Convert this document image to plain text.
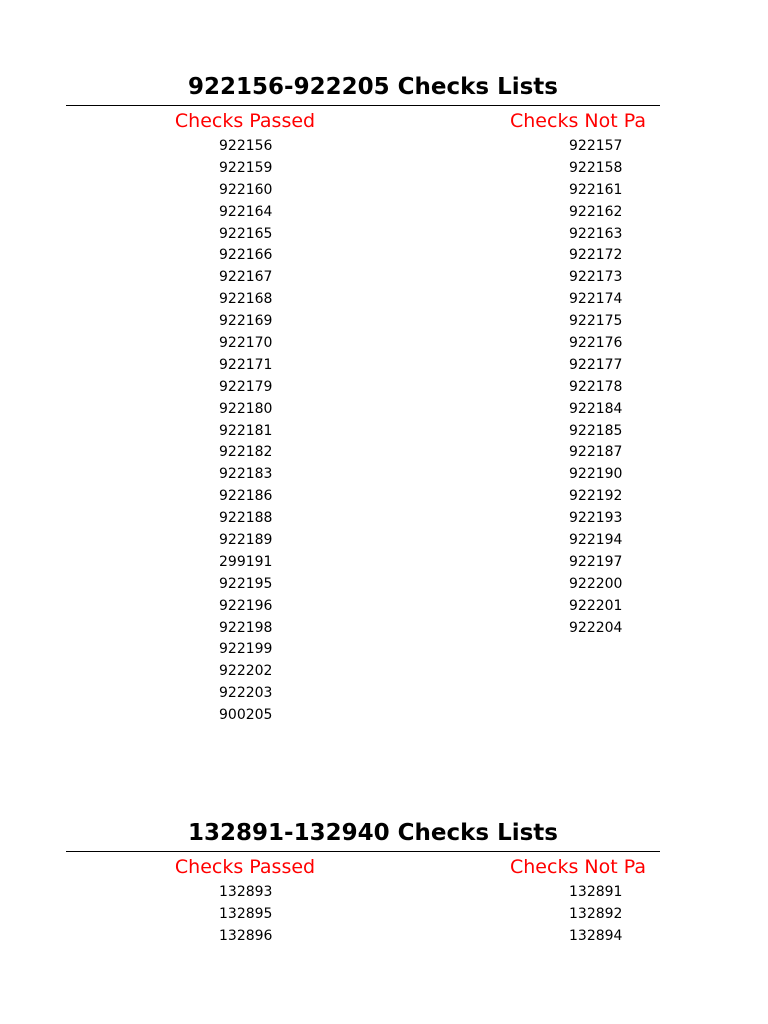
922156-922205 Checks Lists
Checks Passed	Checks Not Pa
922156
922159
922160
922164
922165
922166
922167
922168
922169
922170
922171
922179
922180
922181
922182
922183
922186
922188
922189
299191
922195
922196
922198
922199
922202
922203
900205
922157
922158
922161
922162
922163
922172
922173
922174
922175
922176
922177
922178
922184
922185
922187
922190
922192
922193
922194
922197
922200
922201
922204
132891-132940 Checks Lists
Checks Passed	Checks Not Pa
132893
132895
132896
132891
132892
132894
